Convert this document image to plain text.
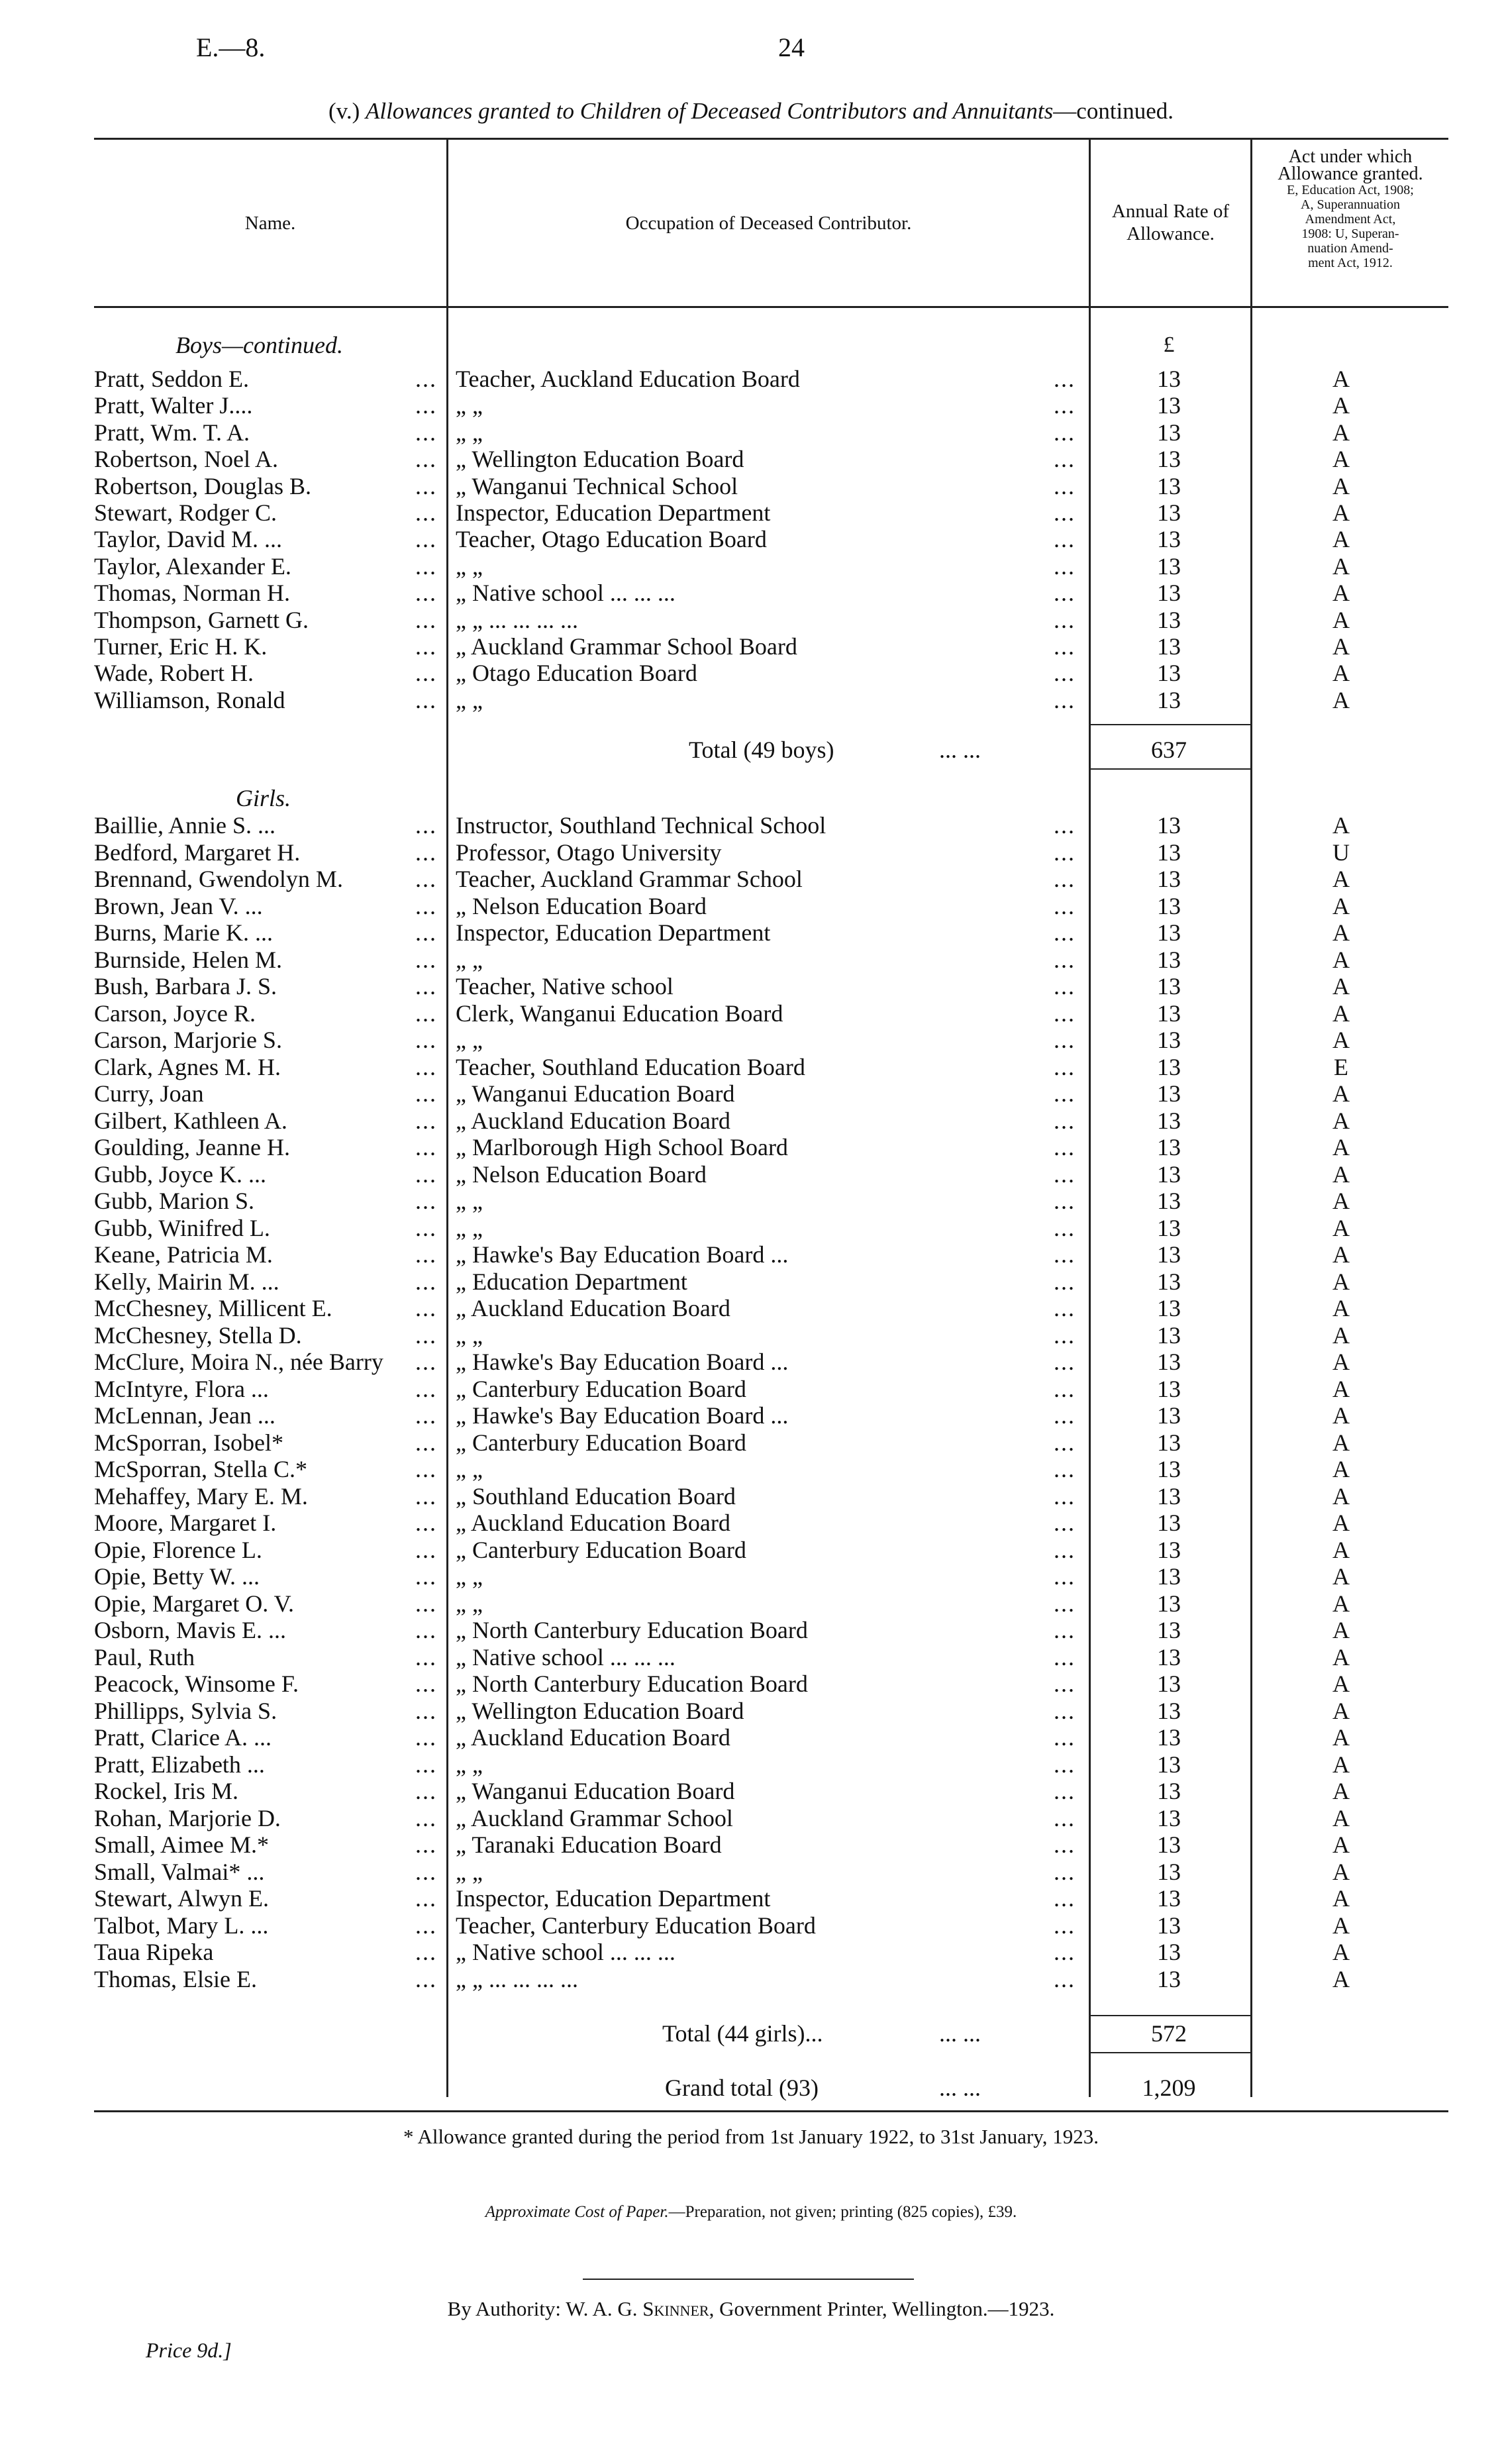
E.—8.	24
(v.) Allowances granted to Children of Deceased Contributors and Annuitants—continued.
Name.	Occupation of Deceased Contributor.
Annual Rate of
Allowance.
Act under which
Allowance granted.
E, Education Act, 1908;
A, Superannuation
Amendment Act,
1908: U, Superan-
nuation Amend-
ment Act, 1912.
Boys—continued.	£
Pratt, Seddon E.	... Teacher, Auckland Education Board	...	13	A
Pratt, Walter J....	... „ „	...	13	A
Pratt, Wm. T. A.	... „ „	...	13	A
Robertson, Noel A.	... „ Wellington Education Board	...	13	A
Robertson, Douglas B.	... „ Wanganui Technical School	...	13	A
Stewart, Rodger C.	... Inspector, Education Department	...	13	A
Taylor, David M. ...	... Teacher, Otago Education Board	...	13	A
Taylor, Alexander E.	... „ „	...	13	A
Thomas, Norman H.	... „ Native school ... ... ...	...	13	A
Thompson, Garnett G.	... „ „ ... ... ... ...	...	13	A
Turner, Eric H. K.	... „ Auckland Grammar School Board	...	13	A
Wade, Robert H.	... „ Otago Education Board	...	13	A
Williamson, Ronald	... „ „	...	13	A
Total (49 boys)	... ...	637
Girls.
Baillie, Annie S. ...	... Instructor, Southland Technical School	...	13	A
Bedford, Margaret H.	... Professor, Otago University	...	13	U
Brennand, Gwendolyn M.	... Teacher, Auckland Grammar School	...	13	A
Brown, Jean V. ...	... „ Nelson Education Board	...	13	A
Burns, Marie K. ...	... Inspector, Education Department	...	13	A
Burnside, Helen M.	... „ „	...	13	A
Bush, Barbara J. S.	... Teacher, Native school	...	13	A
Carson, Joyce R.	... Clerk, Wanganui Education Board	...	13	A
Carson, Marjorie S.	... „ „	...	13	A
Clark, Agnes M. H.	... Teacher, Southland Education Board	...	13	E
Curry, Joan	... „ Wanganui Education Board	...	13	A
Gilbert, Kathleen A.	... „ Auckland Education Board	...	13	A
Goulding, Jeanne H.	... „ Marlborough High School Board	...	13	A
Gubb, Joyce K. ...	... „ Nelson Education Board	...	13	A
Gubb, Marion S.	... „ „	...	13	A
Gubb, Winifred L.	... „ „	...	13	A
Keane, Patricia M.	... „ Hawke's Bay Education Board ...	...	13	A
Kelly, Mairin M. ...	... „ Education Department	...	13	A
McChesney, Millicent E.	... „ Auckland Education Board	...	13	A
McChesney, Stella D.	... „ „	...	13	A
McClure, Moira N., née Barry	... „ Hawke's Bay Education Board ...	...	13	A
McIntyre, Flora ...	... „ Canterbury Education Board	...	13	A
McLennan, Jean ...	... „ Hawke's Bay Education Board ...	...	13	A
McSporran, Isobel*	... „ Canterbury Education Board	...	13	A
McSporran, Stella C.*	... „ „	...	13	A
Mehaffey, Mary E. M.	... „ Southland Education Board	...	13	A
Moore, Margaret I.	... „ Auckland Education Board	...	13	A
Opie, Florence L.	... „ Canterbury Education Board	...	13	A
Opie, Betty W. ...	... „ „	...	13	A
Opie, Margaret O. V.	... „ „	...	13	A
Osborn, Mavis E. ...	... „ North Canterbury Education Board	...	13	A
Paul, Ruth	... „ Native school ... ... ...	...	13	A
Peacock, Winsome F.	... „ North Canterbury Education Board	...	13	A
Phillipps, Sylvia S.	... „ Wellington Education Board	...	13	A
Pratt, Clarice A. ...	... „ Auckland Education Board	...	13	A
Pratt, Elizabeth ...	... „ „	...	13	A
Rockel, Iris M.	... „ Wanganui Education Board	...	13	A
Rohan, Marjorie D.	... „ Auckland Grammar School	...	13	A
Small, Aimee M.*	... „ Taranaki Education Board	...	13	A
Small, Valmai* ...	... „ „	...	13	A
Stewart, Alwyn E.	... Inspector, Education Department	...	13	A
Talbot, Mary L. ...	... Teacher, Canterbury Education Board	...	13	A
Taua Ripeka	... „ Native school ... ... ...	...	13	A
Thomas, Elsie E.	... „ „ ... ... ... ...	...	13	A
Total (44 girls)...	... ...	572
Grand total (93)	... ...	1,209
* Allowance granted during the period from 1st January 1922, to 31st January, 1923.
Approximate Cost of Paper.—Preparation, not given; printing (825 copies), £39.
By Authority: W. A. G. Skinner, Government Printer, Wellington.—1923.
Price 9d.]
